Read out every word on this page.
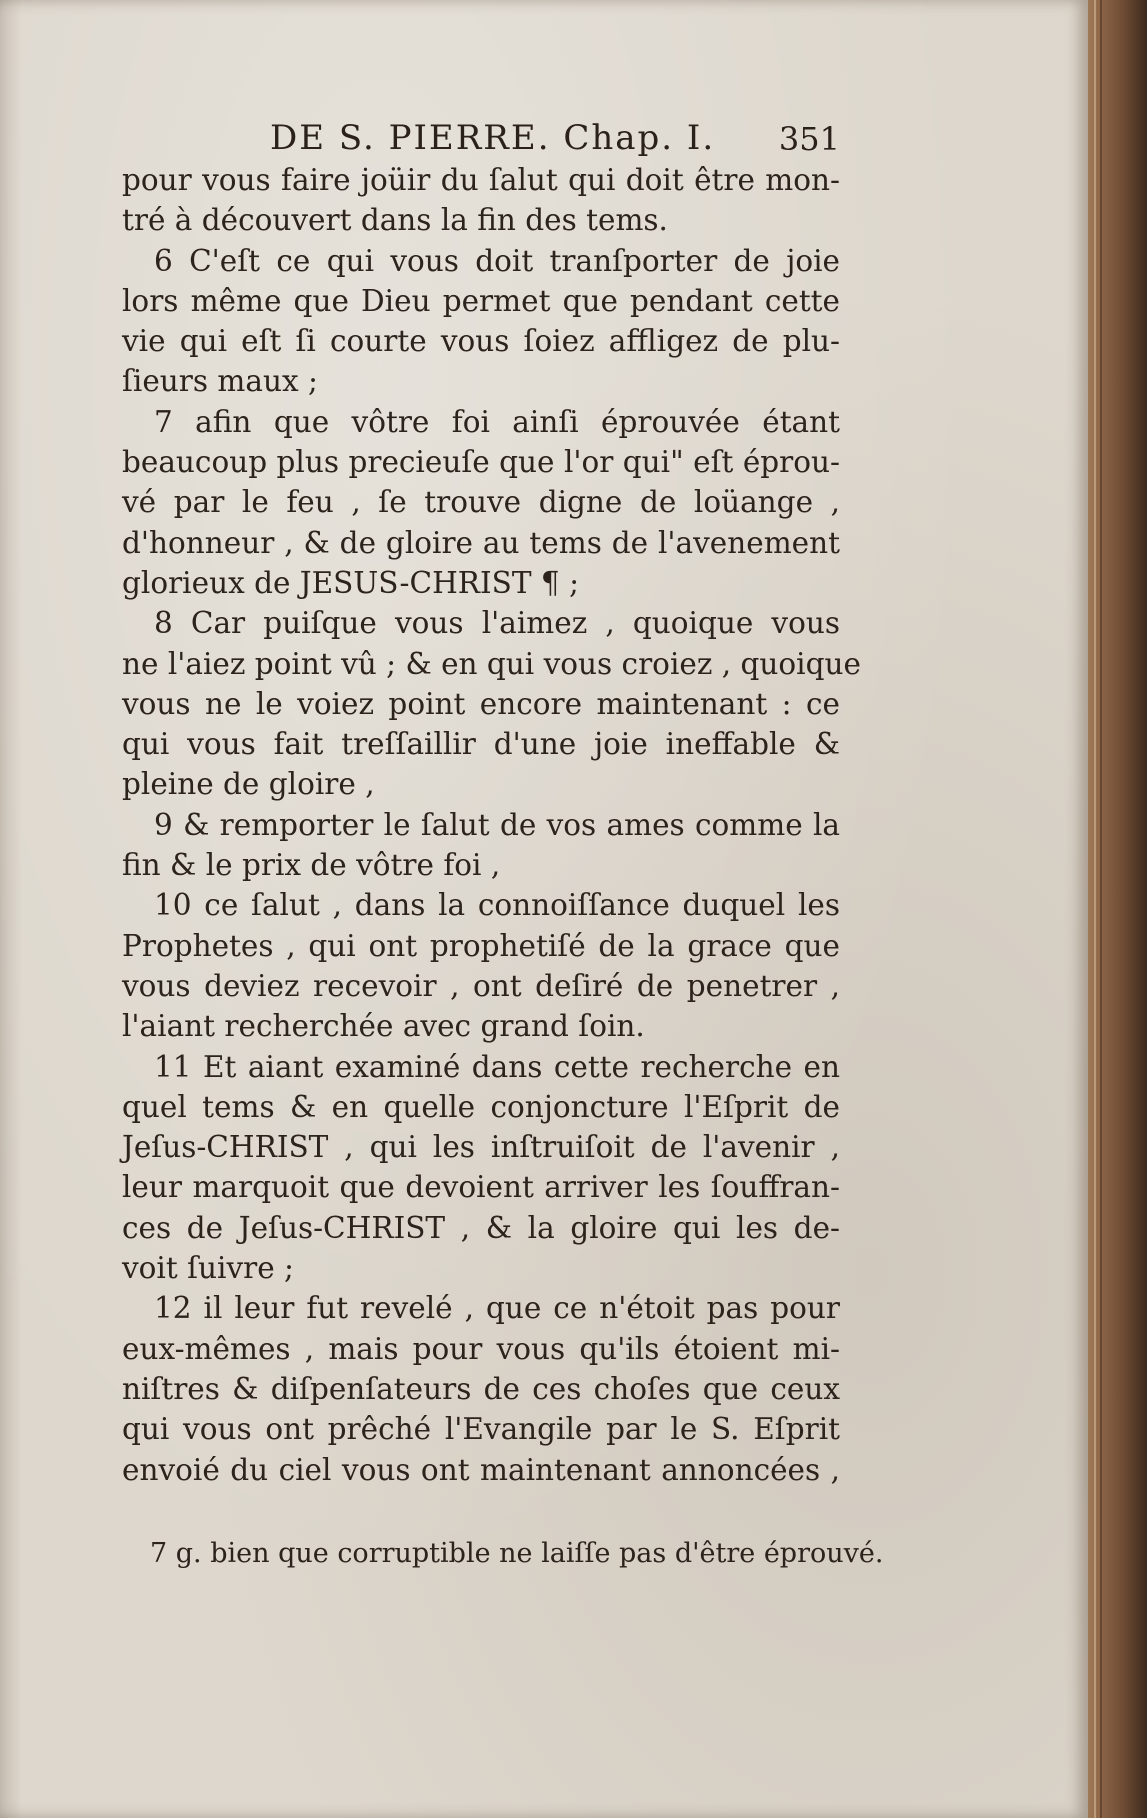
DE S. PIERRE. Chap. I. 351
pour vous faire joüir du ſalut qui doit être mon-
tré à découvert dans la fin des tems.
6 C'eſt ce qui vous doit tranſporter de joie
lors même que Dieu permet que pendant cette
vie qui eſt ſi courte vous ſoiez affligez de plu-
ſieurs maux ;
7 afin que vôtre foi ainſi éprouvée étant
beaucoup plus precieuſe que l'or qui" eſt éprou-
vé par le feu , ſe trouve digne de loüange ,
d'honneur , & de gloire au tems de l'avenement
glorieux de JESUS-CHRIST ¶ ;
8 Car puiſque vous l'aimez , quoique vous
ne l'aiez point vû ; & en qui vous croiez , quoique
vous ne le voiez point encore maintenant : ce
qui vous fait treſſaillir d'une joie ineffable &
pleine de gloire ,
9 & remporter le ſalut de vos ames comme la
fin & le prix de vôtre foi ,
10 ce ſalut , dans la connoiſſance duquel les
Prophetes , qui ont prophetiſé de la grace que
vous deviez recevoir , ont deſiré de penetrer ,
l'aiant recherchée avec grand ſoin.
11 Et aiant examiné dans cette recherche en
quel tems & en quelle conjoncture l'Eſprit de
Jeſus-CHRIST , qui les inſtruiſoit de l'avenir ,
leur marquoit que devoient arriver les ſouffran-
ces de Jeſus-CHRIST , & la gloire qui les de-
voit ſuivre ;
12 il leur fut revelé , que ce n'étoit pas pour
eux-mêmes , mais pour vous qu'ils étoient mi-
niſtres & diſpenſateurs de ces choſes que ceux
qui vous ont prêché l'Evangile par le S. Eſprit
envoié du ciel vous ont maintenant annoncées ,
7 g. bien que corruptible ne laiſſe pas d'être éprouvé.
